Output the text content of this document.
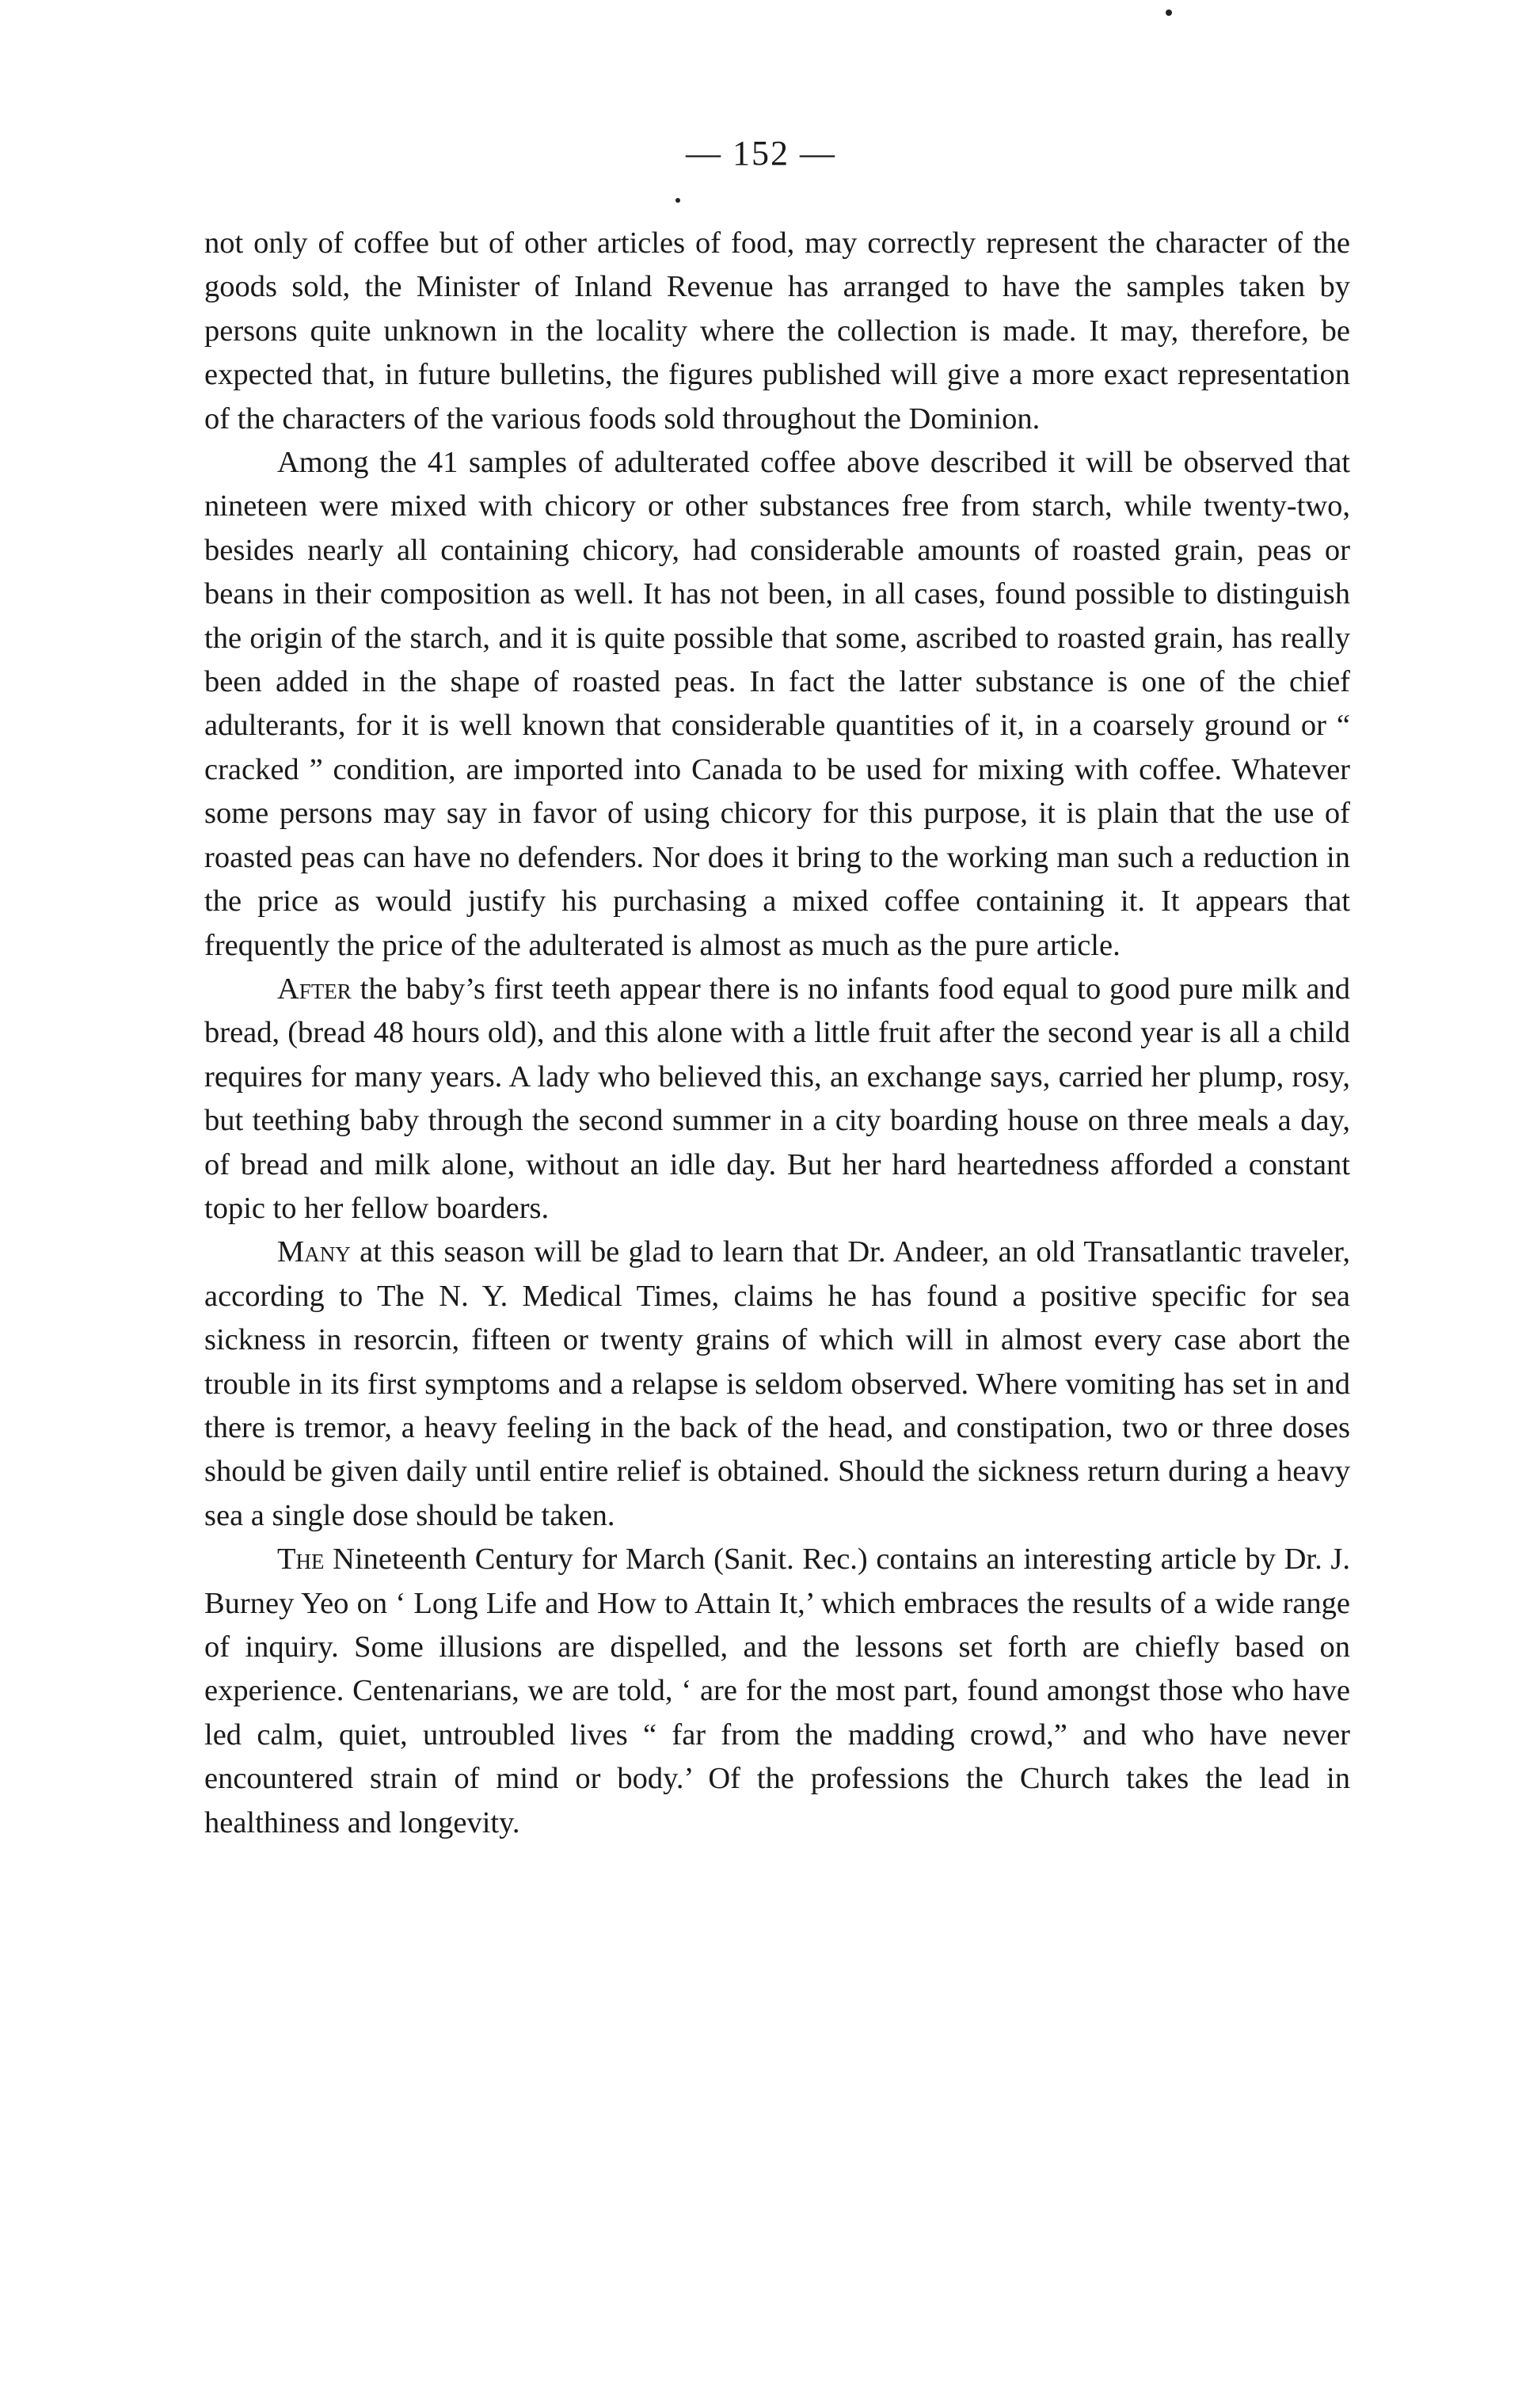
— 152 —

not only of coffee but of other articles of food, may correctly represent the character of the goods sold, the Minister of Inland Revenue has arranged to have the samples taken by persons quite unknown in the locality where the collection is made. It may, therefore, be expected that, in future bulletins, the figures published will give a more exact representation of the characters of the various foods sold throughout the Dominion.

Among the 41 samples of adulterated coffee above described it will be observed that nineteen were mixed with chicory or other substances free from starch, while twenty-two, besides nearly all containing chicory, had considerable amounts of roasted grain, peas or beans in their composition as well. It has not been, in all cases, found possible to distinguish the origin of the starch, and it is quite possible that some, ascribed to roasted grain, has really been added in the shape of roasted peas. In fact the latter substance is one of the chief adulterants, for it is well known that considerable quantities of it, in a coarsely ground or “ cracked ” condition, are imported into Canada to be used for mixing with coffee. Whatever some persons may say in favor of using chicory for this purpose, it is plain that the use of roasted peas can have no defenders. Nor does it bring to the working man such a reduction in the price as would justify his purchasing a mixed coffee containing it. It appears that frequently the price of the adulterated is almost as much as the pure article.

After the baby’s first teeth appear there is no infants food equal to good pure milk and bread, (bread 48 hours old), and this alone with a little fruit after the second year is all a child requires for many years. A lady who believed this, an exchange says, carried her plump, rosy, but teething baby through the second summer in a city boarding house on three meals a day, of bread and milk alone, without an idle day. But her hard heartedness afforded a constant topic to her fellow boarders.

Many at this season will be glad to learn that Dr. Andeer, an old Transatlantic traveler, according to The N. Y. Medical Times, claims he has found a positive specific for sea sickness in resorcin, fifteen or twenty grains of which will in almost every case abort the trouble in its first symptoms and a relapse is seldom observed. Where vomiting has set in and there is tremor, a heavy feeling in the back of the head, and constipation, two or three doses should be given daily until entire relief is obtained. Should the sickness return during a heavy sea a single dose should be taken.

The Nineteenth Century for March (Sanit. Rec.) contains an interesting article by Dr. J. Burney Yeo on ‘ Long Life and How to Attain It,’ which embraces the results of a wide range of inquiry. Some illusions are dispelled, and the lessons set forth are chiefly based on experience. Centenarians, we are told, ‘ are for the most part, found amongst those who have led calm, quiet, untroubled lives “ far from the madding crowd,” and who have never encountered strain of mind or body.’ Of the professions the Church takes the lead in healthiness and longevity.
